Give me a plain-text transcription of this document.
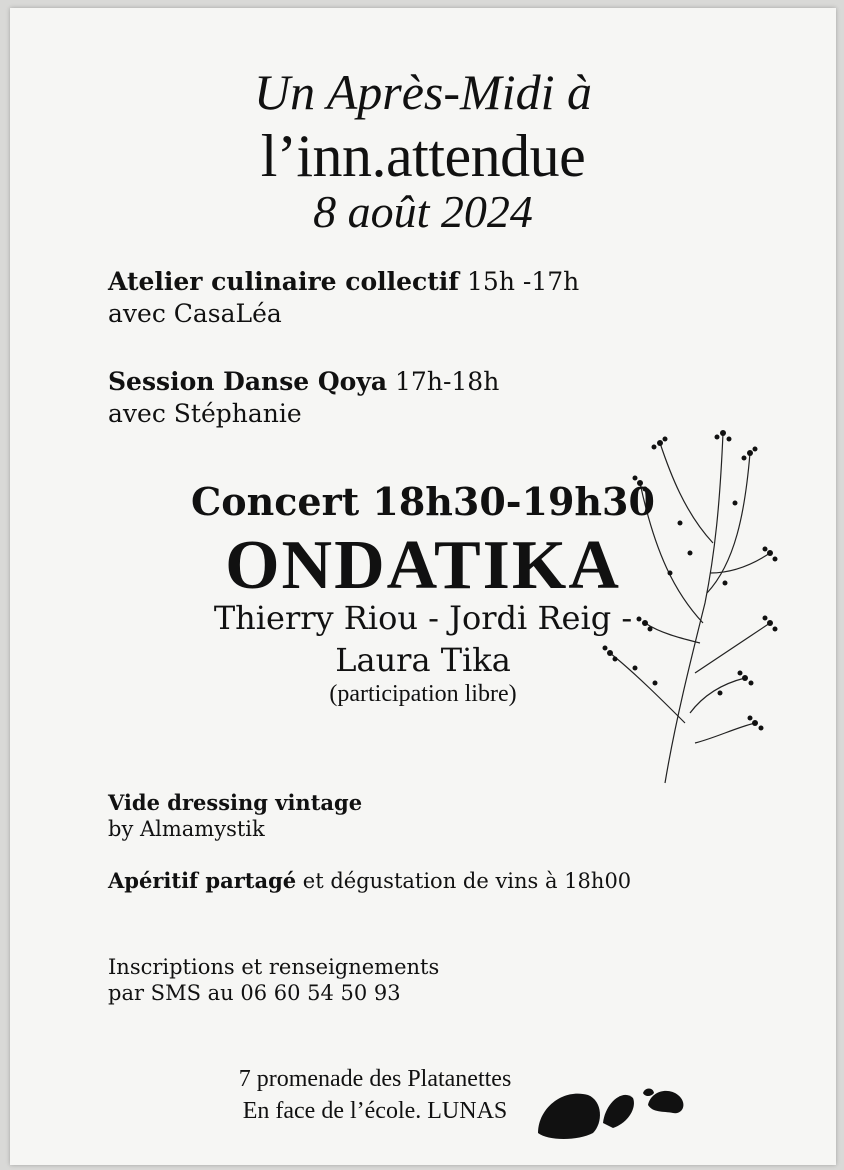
Un Après-Midi à
l’inn.attendue
8 août 2024
Atelier culinaire collectif 15h -17h
avec CasaLéa
Session Danse Qoya 17h-18h
avec Stéphanie
Concert 18h30-19h30
ONDATIKA
Thierry Riou - Jordi Reig -
Laura Tika
(participation libre)
Vide dressing vintage
by Almamystik
Apéritif partagé et dégustation de vins à 18h00
Inscriptions et renseignements
par SMS au 06 60 54 50 93
7 promenade des Platanettes
En face de l’école. LUNAS
